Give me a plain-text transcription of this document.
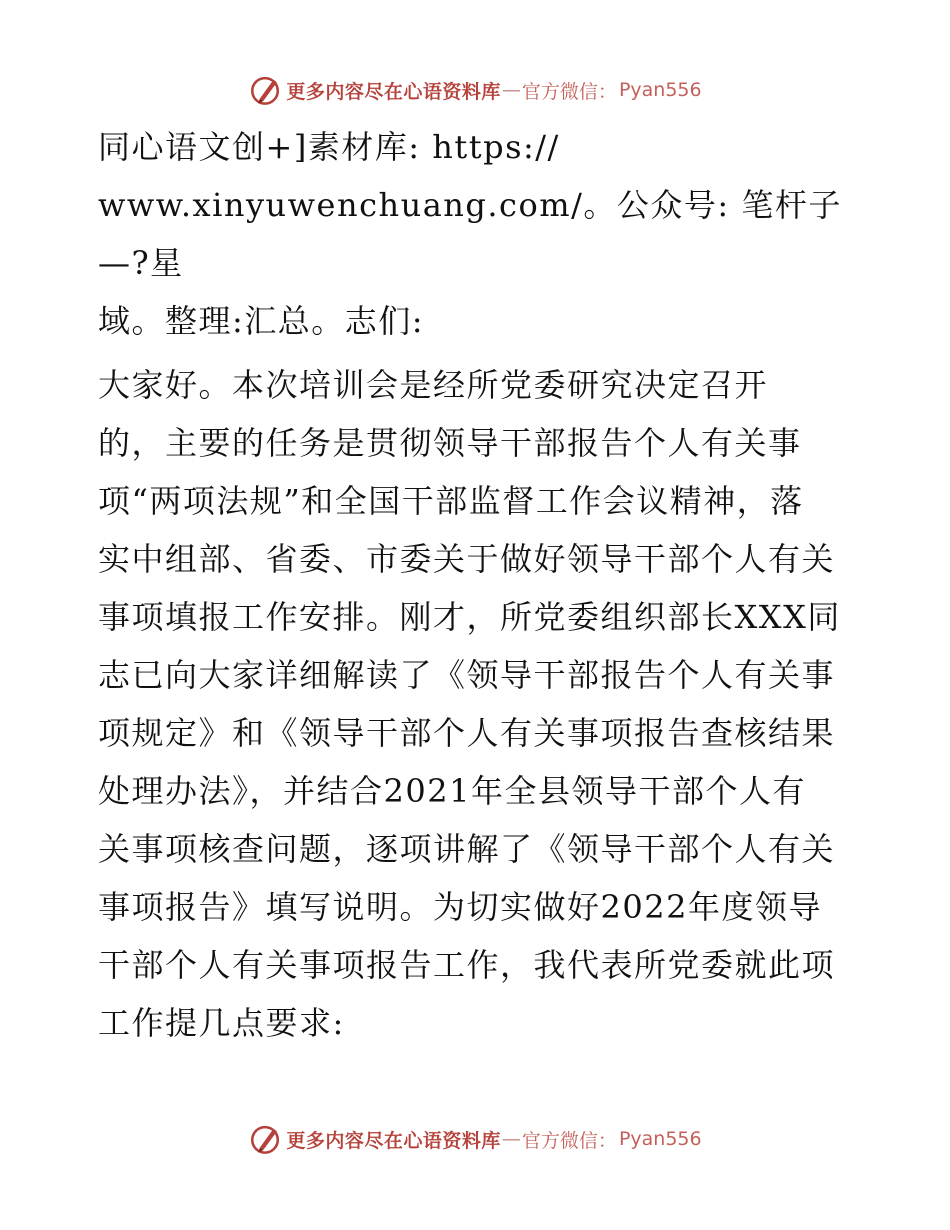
更多内容尽在心语资料库 — 官方微信： Pyan556

同心语文创+]素材库: https://
www.xinyuwenchuang.com/。公众号: 笔杆子—?星
域。整理:汇总。志们:

大家好。本次培训会是经所党委研究决定召开
的，主要的任务是贯彻领导干部报告个人有关事
项“两项法规”和全国干部监督工作会议精神，落
实中组部、省委、市委关于做好领导干部个人有关
事项填报工作安排。刚才，所党委组织部长XXX同
志已向大家详细解读了《领导干部报告个人有关事
项规定》和《领导干部个人有关事项报告查核结果
处理办法》，并结合2021年全县领导干部个人有
关事项核查问题，逐项讲解了《领导干部个人有关
事项报告》填写说明。为切实做好2022年度领导
干部个人有关事项报告工作，我代表所党委就此项
工作提几点要求:

更多内容尽在心语资料库 — 官方微信： Pyan556
